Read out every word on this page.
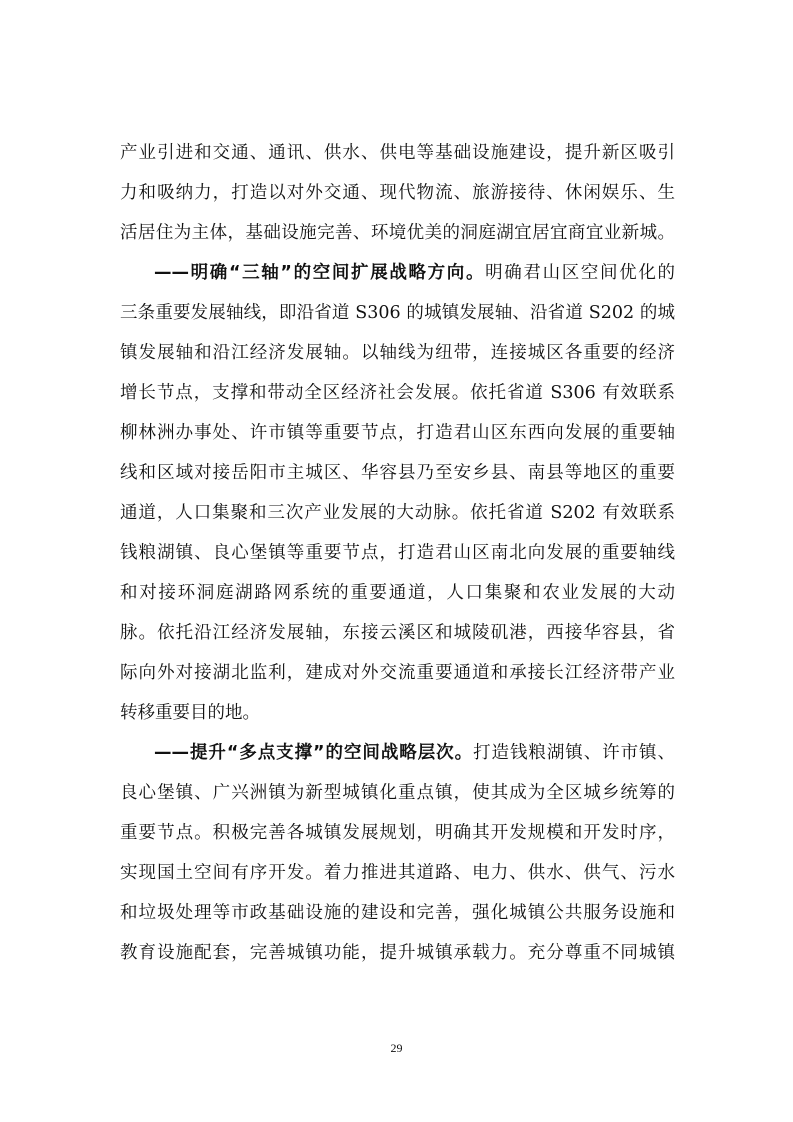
产业引进和交通、通讯、供水、供电等基础设施建设，提升新区吸引
力和吸纳力，打造以对外交通、现代物流、旅游接待、休闲娱乐、生
活居住为主体，基础设施完善、环境优美的洞庭湖宜居宜商宜业新城。
——明确“三轴”的空间扩展战略方向。明确君山区空间优化的
三条重要发展轴线，即沿省道 S306 的城镇发展轴、沿省道 S202 的城
镇发展轴和沿江经济发展轴。以轴线为纽带，连接城区各重要的经济
增长节点，支撑和带动全区经济社会发展。依托省道 S306 有效联系
柳林洲办事处、许市镇等重要节点，打造君山区东西向发展的重要轴
线和区域对接岳阳市主城区、华容县乃至安乡县、南县等地区的重要
通道，人口集聚和三次产业发展的大动脉。依托省道 S202 有效联系
钱粮湖镇、良心堡镇等重要节点，打造君山区南北向发展的重要轴线
和对接环洞庭湖路网系统的重要通道，人口集聚和农业发展的大动
脉。依托沿江经济发展轴，东接云溪区和城陵矶港，西接华容县，省
际向外对接湖北监利，建成对外交流重要通道和承接长江经济带产业
转移重要目的地。
——提升“多点支撑”的空间战略层次。打造钱粮湖镇、许市镇、
良心堡镇、广兴洲镇为新型城镇化重点镇，使其成为全区城乡统筹的
重要节点。积极完善各城镇发展规划，明确其开发规模和开发时序，
实现国土空间有序开发。着力推进其道路、电力、供水、供气、污水
和垃圾处理等市政基础设施的建设和完善，强化城镇公共服务设施和
教育设施配套，完善城镇功能，提升城镇承载力。充分尊重不同城镇
29
